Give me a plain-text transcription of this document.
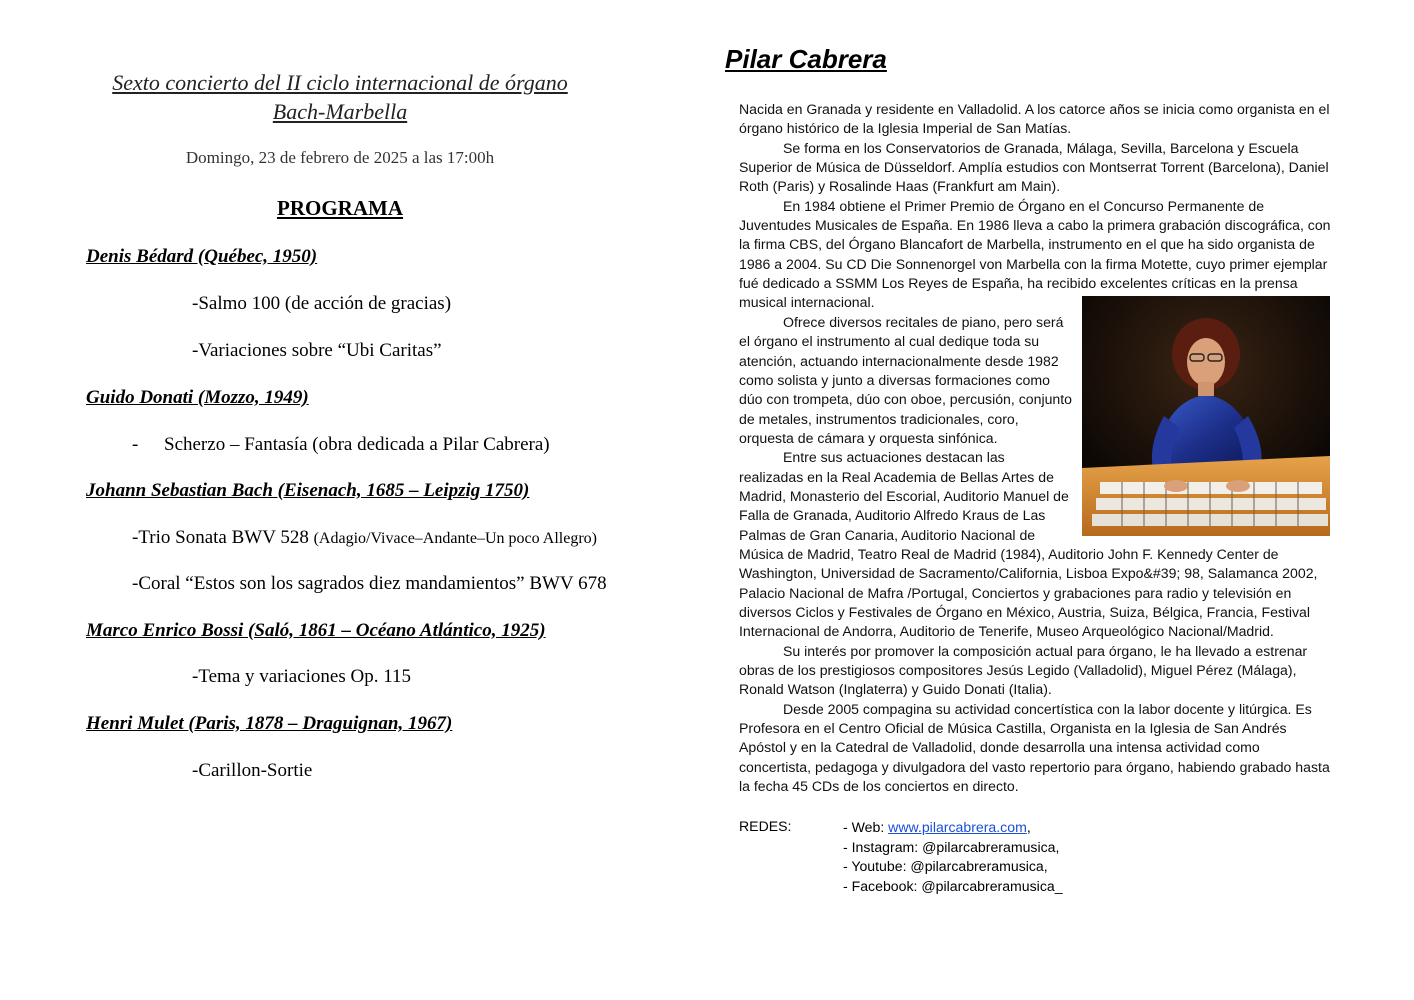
Sexto concierto del II ciclo internacional de órgano
Bach-Marbella
Domingo, 23 de febrero de 2025 a las 17:00h
PROGRAMA
Denis Bédard (Québec, 1950)
-Salmo 100 (de acción de gracias)
-Variaciones sobre “Ubi Caritas”
Guido Donati (Mozzo, 1949)
- Scherzo – Fantasía (obra dedicada a Pilar Cabrera)
Johann Sebastian Bach (Eisenach, 1685 – Leipzig 1750)
-Trio Sonata BWV 528 (Adagio/Vivace–Andante–Un poco Allegro)
-Coral “Estos son los sagrados diez mandamientos” BWV 678
Marco Enrico Bossi (Saló, 1861 – Océano Atlántico, 1925)
-Tema y variaciones Op. 115
Henri Mulet (Paris, 1878 – Draguignan, 1967)
-Carillon-Sortie
Pilar Cabrera

Nacida en Granada y residente en Valladolid. A los catorce años se inicia como organista en el órgano histórico de la Iglesia Imperial de San Matías.

Se forma en los Conservatorios de Granada, Málaga, Sevilla, Barcelona y Escuela Superior de Música de Düsseldorf. Amplía estudios con Montserrat Torrent (Barcelona), Daniel Roth (Paris) y Rosalinde Haas (Frankfurt am Main).

En 1984 obtiene el Primer Premio de Órgano en el Concurso Permanente de Juventudes Musicales de España. En 1986 lleva a cabo la primera grabación discográfica, con la firma CBS, del Órgano Blancafort de Marbella, instrumento en el que ha sido organista de 1986 a 2004. Su CD Die Sonnenorgel von Marbella con la firma Motette, cuyo primer ejemplar fué dedicado a SSMM Los Reyes de España, ha recibido excelentes críticas en la prensa musical internacional.

Ofrece diversos recitales de piano, pero será el órgano el instrumento al cual dedique toda su atención, actuando internacionalmente desde 1982 como solista y junto a diversas formaciones como dúo con trompeta, dúo con oboe, percusión, conjunto de metales, instrumentos tradicionales, coro, orquesta de cámara y orquesta sinfónica.

Entre sus actuaciones destacan las realizadas en la Real Academia de Bellas Artes de Madrid, Monasterio del Escorial, Auditorio Manuel de Falla de Granada, Auditorio Alfredo Kraus de Las Palmas de Gran Canaria, Auditorio Nacional de

Música de Madrid, Teatro Real de Madrid (1984), Auditorio John F. Kennedy Center de Washington, Universidad de Sacramento/California, Lisboa Expo&#39; 98, Salamanca 2002, Palacio Nacional de Mafra /Portugal, Conciertos y grabaciones para radio y televisión en diversos Ciclos y Festivales de Órgano en México, Austria, Suiza, Bélgica, Francia, Festival Internacional de Andorra, Auditorio de Tenerife, Museo Arqueológico Nacional/Madrid.

Su interés por promover la composición actual para órgano, le ha llevado a estrenar obras de los prestigiosos compositores Jesús Legido (Valladolid), Miguel Pérez (Málaga), Ronald Watson (Inglaterra) y Guido Donati (Italia).

Desde 2005 compagina su actividad concertística con la labor docente y litúrgica. Es Profesora en el Centro Oficial de Música Castilla, Organista en la Iglesia de San Andrés Apóstol y en la Catedral de Valladolid, donde desarrolla una intensa actividad como concertista, pedagoga y divulgadora del vasto repertorio para órgano, habiendo grabado hasta la fecha 45 CDs de los conciertos en directo.

REDES:	- Web: www.pilarcabrera.com,
- Instagram: @pilarcabreramusica,
- Youtube: @pilarcabreramusica,
- Facebook: @pilarcabreramusica_
